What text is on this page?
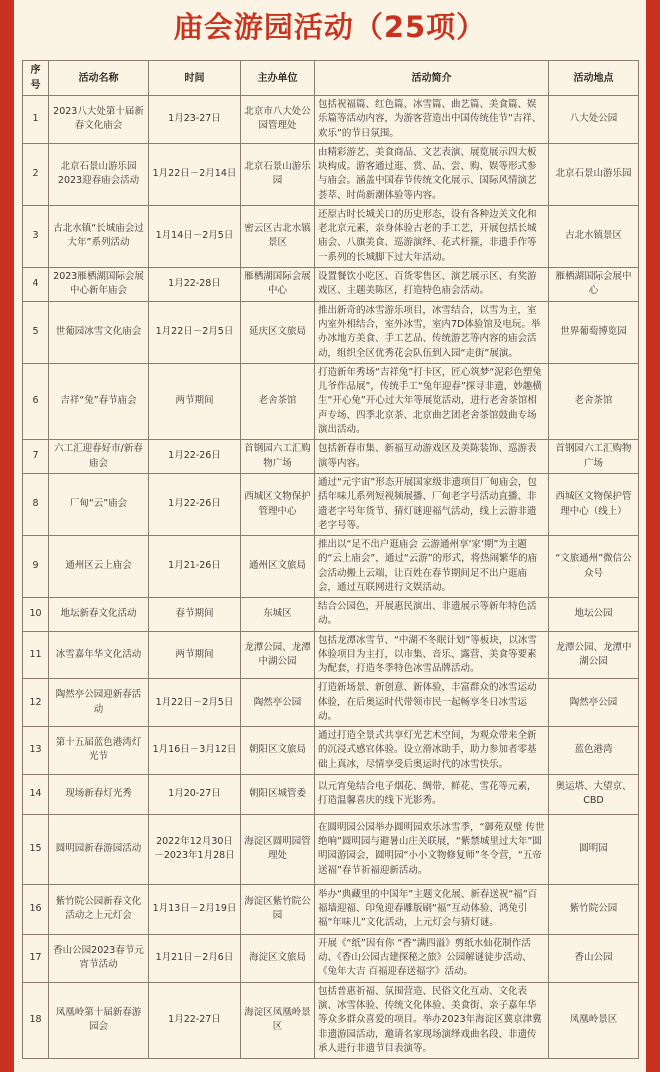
庙会游园活动（25项）
序号	活动名称	时间	主办单位	活动简介	活动地点
1	2023八大处第十届新春文化庙会	1月23-27日	北京市八大处公园管理处	包括祝福篇、红色篇、冰雪篇、曲艺篇、美食篇、娱乐篇等活动内容，为游客营造出中国传统佳节“吉祥、欢乐”的节日氛围。	八大处公园
2	北京石景山游乐园2023迎春庙会活动	1月22日－2月14日	北京石景山游乐园	由精彩游艺、美食商品、文艺表演、展览展示四大板块构成。游客通过逛、赏、品、尝、购、娱等形式参与庙会。涵盖中国春节传统文化展示、国际风情演艺荟萃、时尚新潮体验等内容。	北京石景山游乐园
3	古北水镇“长城庙会过大年”系列活动	1月14日－2月5日	密云区古北水镇景区	还原古时长城关口的历史形态，设有各种边关文化和老北京元素，亲身体验古老的手工艺，开展包括长城庙会、八旗美食、巡游演绎、花式杆箍，非遗手作等一系列的长城脚下过大年活动。	古北水镇景区
4	2023雁栖湖国际会展中心新年庙会	1月22-28日	雁栖湖国际会展中心	设置餐饮小吃区、百货零售区、演艺展示区、有奖游戏区、主题美陈区，打造特色庙会活动。	雁栖湖国际会展中心
5	世葡园冰雪文化庙会	1月22日－2月5日	延庆区文旅局	推出新奇的冰雪游乐项目，冰雪结合，以雪为主，室内室外相结合，室外冰雪，室内7D体验馆及电玩。举办冰地方美食、手工艺品、传统游艺等内容的庙会活动，组织全区优秀花会队伍到入园“走街”展演。	世界葡萄博览园
6	吉祥“兔”春节庙会	两节期间	老舍茶馆	打造新年秀场“吉祥兔”打卡区，匠心筑梦“泥彩色塑兔儿爷作品展”，传统手工“兔年迎春”探寻非遗，妙趣横生“开心兔”开心过大年等展览活动，进行老舍茶馆相声专场、四季北京茶、北京曲艺团老舍茶馆鼓曲专场演出活动。	老舍茶馆
7	六工汇迎春好市/新春庙会	1月22-26日	首钢园六工汇购物广场	包括新春市集、新福互动游戏区及美陈装饰、巡游表演等内容。	首钢园六工汇购物广场
8	厂甸“云”庙会	1月22-26日	西城区文物保护管理中心	通过“元宇宙”形态开展国家级非遗项目厂甸庙会，包括年味儿系列短视频展播、厂甸老字号活动直播、非遗老字号年货节、猜灯谜迎福气活动，线上云游非遗老字号等。	西城区文物保护管理中心（线上）
9	通州区云上庙会	1月21-26日	通州区文旅局	推出以“足不出户逛庙会 云游通州享‘家’期”为主题的“云上庙会”，通过“云游”的形式，将热闹繁华的庙会活动搬上云端，让百姓在春节期间足不出户逛庙会，通过互联网进行文娱活动。	“文旅通州”微信公众号
10	地坛新春文化活动	春节期间	东城区	结合公园色，开展惠民演出、非遗展示等新年特色活动。	地坛公园
11	冰雪嘉年华文化活动	两节期间	龙潭公园、龙潭中湖公园	包括龙潭冰雪节、“中湖不冬眠计划”等板块，以冰雪体验项目为主打，以市集、音乐、露营、美食等要素为配套，打造冬季特色冰雪品牌活动。	龙潭公园、龙潭中湖公园
12	陶然亭公园迎新春活动	1月22日－2月5日	陶然亭公园	打造新场景、新创意、新体验，丰富群众的冰雪运动体验，在后奥运时代带领市民一起畅享冬日冰雪运动。	陶然亭公园
13	第十五届蓝色港湾灯光节	1月16日－3月12日	朝阳区文旅局	通过打造全景式共享灯光艺术空间，为观众带来全新的沉浸式感官体验。设立滑冰助手，助力参加者零基础上真冰，尽情享受后奥运时代的冰雪快乐。	蓝色港湾
14	现场新春灯光秀	1月20-27日	朝阳区城管委	以元宵兔结合电子烟花、绸带、鲜花、雪花等元素，打造温馨喜庆的线下光影秀。	奥运塔、大望京、CBD
15	圆明园新春游园活动	2022年12月30日－2023年1月28日	海淀区圆明园管理处	在圆明园公园举办圆明园欢乐冰雪季，“御苑双璧 传世绝响”圆明园与避暑山庄关联展，“紫禁城里过大年”圆明园游园会，圆明园“小小文物修复师”冬令营，“五帝送福”春节祈福迎新活动。	圆明园
16	紫竹院公园新春文化活动之上元灯会	1月13日－2月19日	海淀区紫竹院公园	举办“典藏里的中国年”主题文化展、新春送祝“福”百福墙迎福、印兔迎春雕版刷“福”互动体验、鸿兔引福“年味儿”文化活动，上元灯会与猜灯谜。	紫竹院公园
17	香山公园2023春节元宵节活动	1月21日－2月6日	海淀区文旅局	开展《“纸”因有你 “香”满四溢》剪纸水仙花制作活动、《香山公园古建探秘之旅》公园解谜徒步活动、《兔年大吉 百福迎春送福字》活动。	香山公园
18	凤凰岭第十届新春游园会	1月22-27日	海淀区凤凰岭景区	包括普惠祈福、氛围营造、民俗文化互动、文化表演、冰雪体验、传统文化体验、美食街、亲子嘉年华等众多群众喜爱的项目。举办2023年海淀区冀京津冀非遗游园活动，邀请名家现场演绎戏曲名段、非遗传承人进行非遗节目表演等。	凤凰岭景区
